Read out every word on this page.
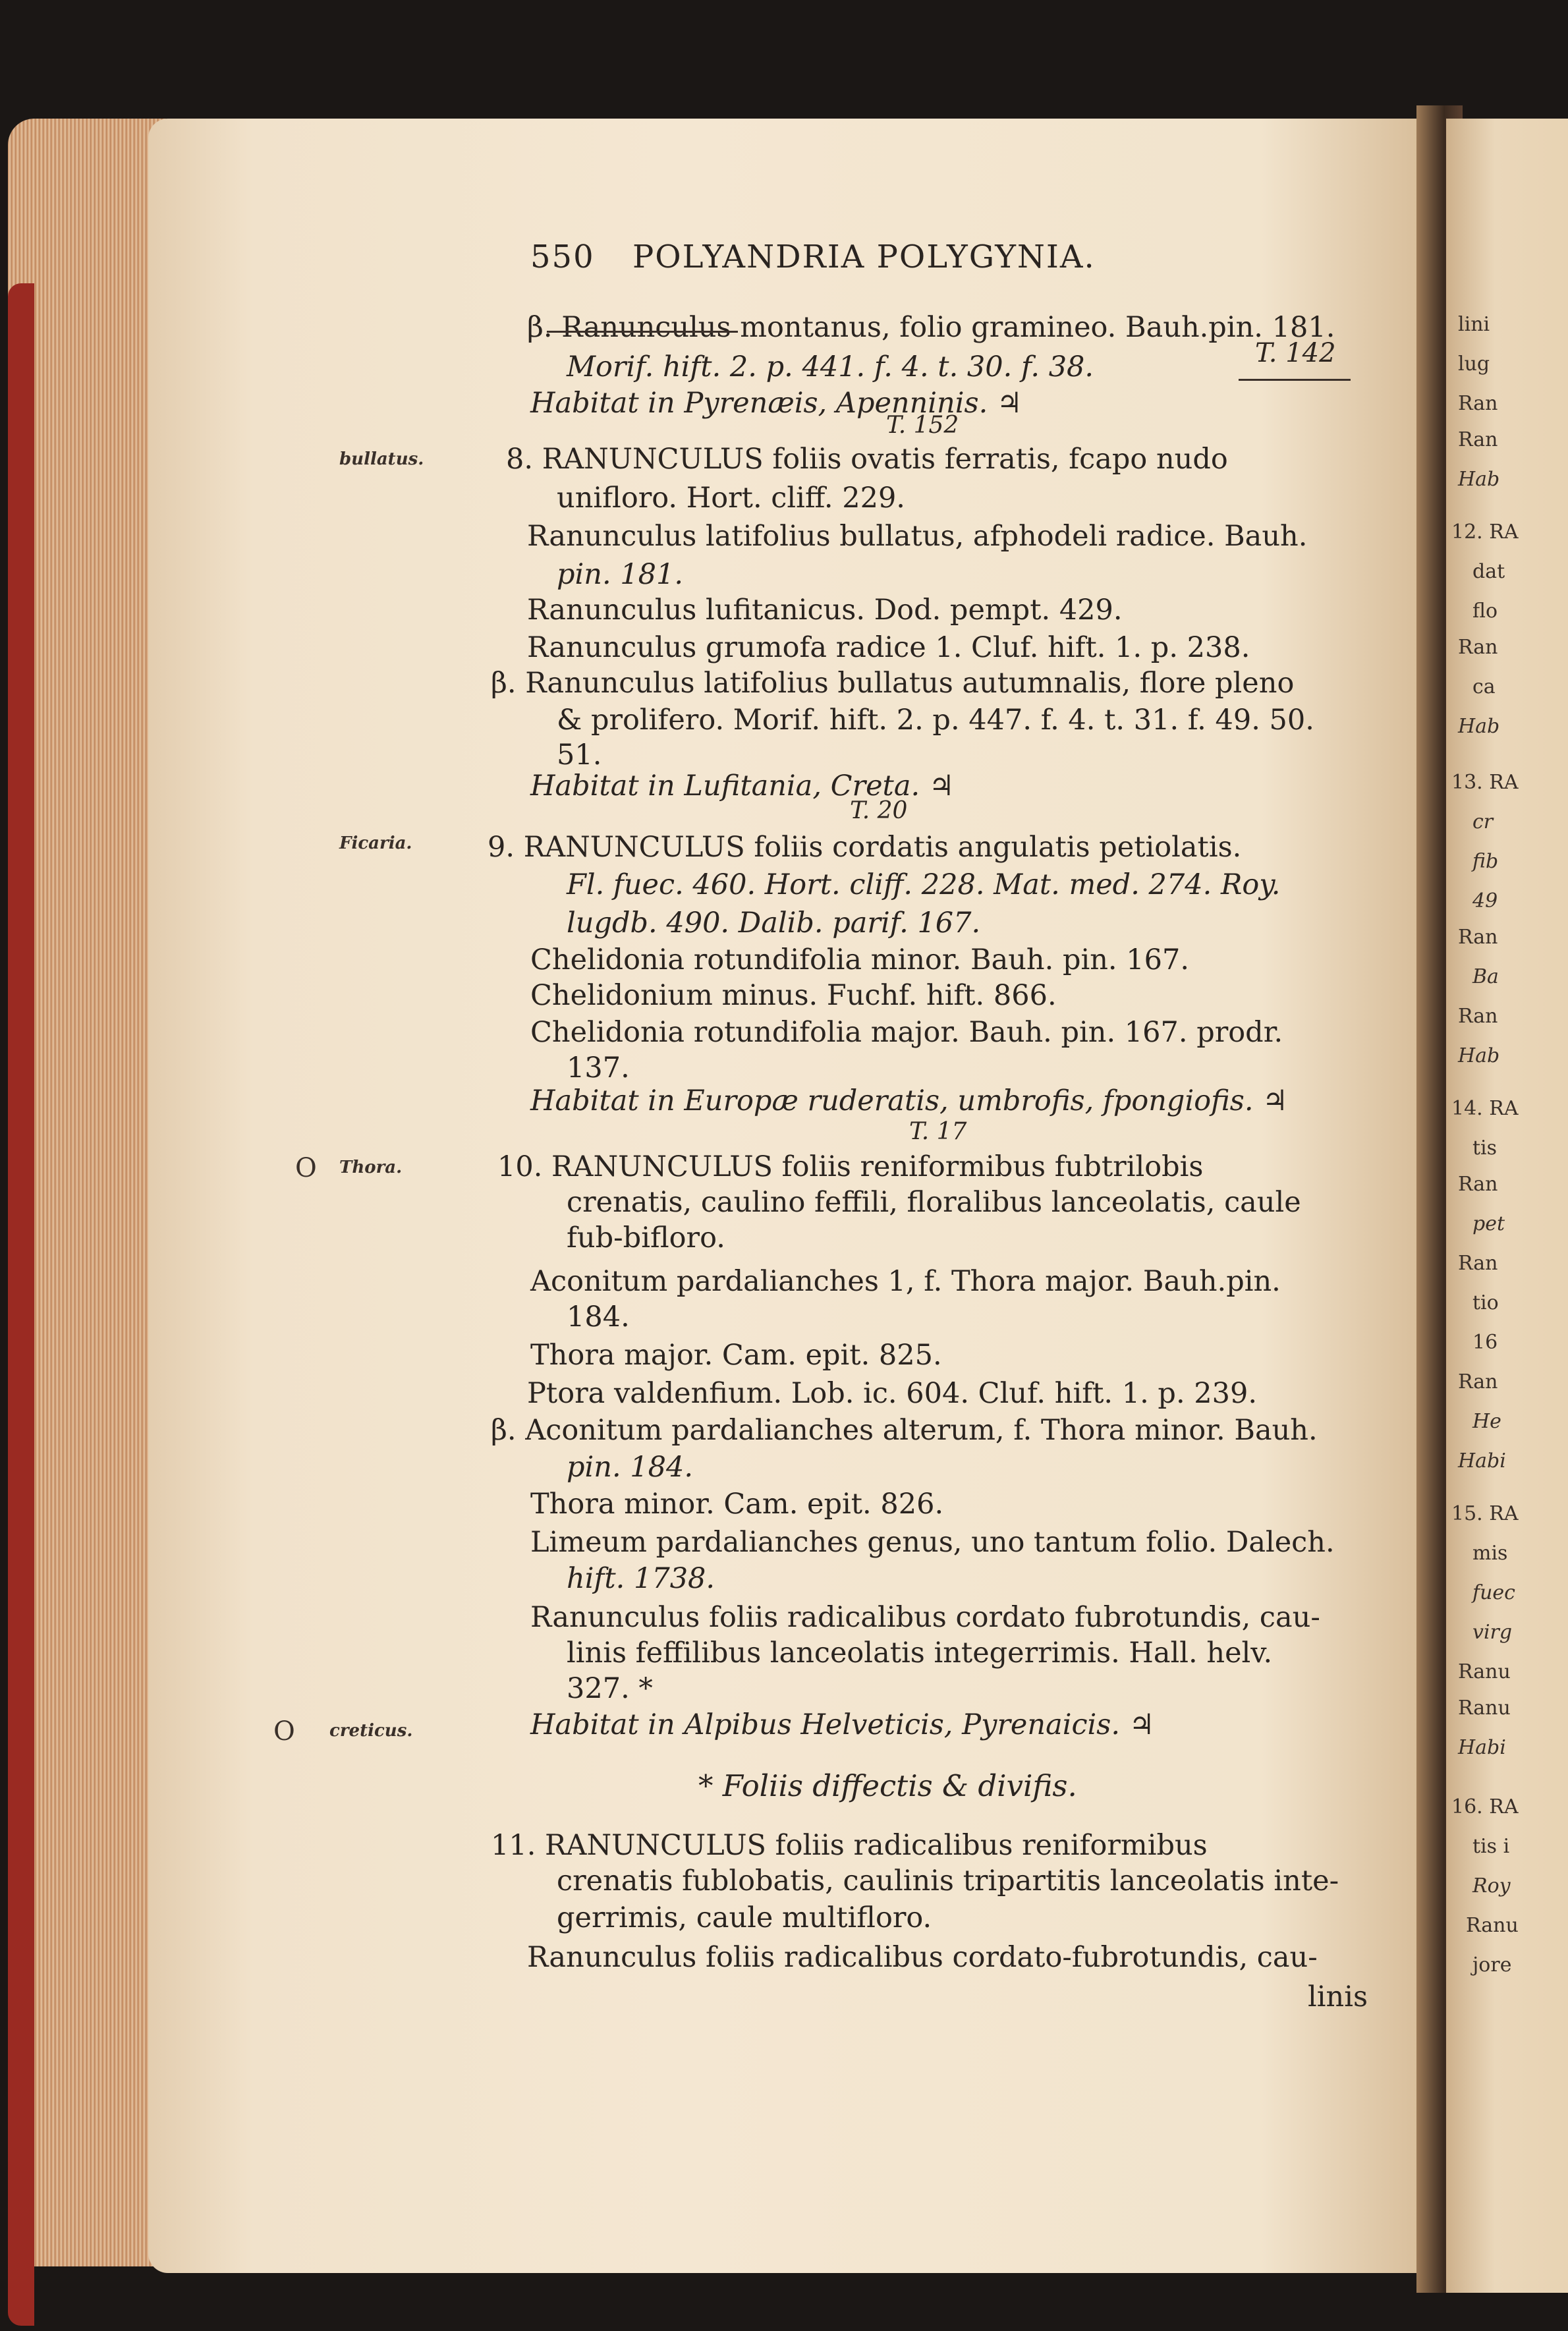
lini
lug
Ran
Ran
Hab
12. RA
dat
flo
Ran
ca
Hab
13. RA
cr
fib
49
Ran
Ba
Ran
Hab
14. RA
tis
Ran
pet
Ran
tio
16
Ran
He
Habi
15. RA
mis
fuec
virg
Ranu
Ranu
Habi
16. RA
tis i
Roy
Ranu
jore
550 POLYANDRIA POLYGYNIA.
bullatus.
Ficaria.
O Thora.
O creticus.
β. Ranunculus montanus, folio gramineo. Bauh.pin. 181.
Morif. hift. 2. p. 441. f. 4. t. 30. f. 38.
Habitat in Pyrenæis, Apenninis. ♃
8. RANUNCULUS foliis ovatis ferratis, fcapo nudo
unifloro. Hort. cliff. 229.
Ranunculus latifolius bullatus, afphodeli radice. Bauh.
pin. 181.
Ranunculus lufitanicus. Dod. pempt. 429.
Ranunculus grumofa radice 1. Cluf. hift. 1. p. 238.
β. Ranunculus latifolius bullatus autumnalis, flore pleno
& prolifero. Morif. hift. 2. p. 447. f. 4. t. 31. f. 49. 50.
51.
Habitat in Lufitania, Creta. ♃
9. RANUNCULUS foliis cordatis angulatis petiolatis.
Fl. fuec. 460. Hort. cliff. 228. Mat. med. 274. Roy.
lugdb. 490. Dalib. parif. 167.
Chelidonia rotundifolia minor. Bauh. pin. 167.
Chelidonium minus. Fuchf. hift. 866.
Chelidonia rotundifolia major. Bauh. pin. 167. prodr.
137.
Habitat in Europæ ruderatis, umbrofis, fpongiofis. ♃
10. RANUNCULUS foliis reniformibus fubtrilobis
crenatis, caulino feffili, floralibus lanceolatis, caule
fub-bifloro.
Aconitum pardalianches 1, f. Thora major. Bauh.pin.
184.
Thora major. Cam. epit. 825.
Ptora valdenfium. Lob. ic. 604. Cluf. hift. 1. p. 239.
β. Aconitum pardalianches alterum, f. Thora minor. Bauh.
pin. 184.
Thora minor. Cam. epit. 826.
Limeum pardalianches genus, uno tantum folio. Dalech.
hift. 1738.
Ranunculus foliis radicalibus cordato fubrotundis, cau-
linis feffilibus lanceolatis integerrimis. Hall. helv.
327. *
Habitat in Alpibus Helveticis, Pyrenaicis. ♃
* Foliis diffectis & divifis.
11. RANUNCULUS foliis radicalibus reniformibus
crenatis fublobatis, caulinis tripartitis lanceolatis inte-
gerrimis, caule multifloro.
Ranunculus foliis radicalibus cordato-fubrotundis, cau-
linis
T. 142
T. 152
T. 20
T. 17
